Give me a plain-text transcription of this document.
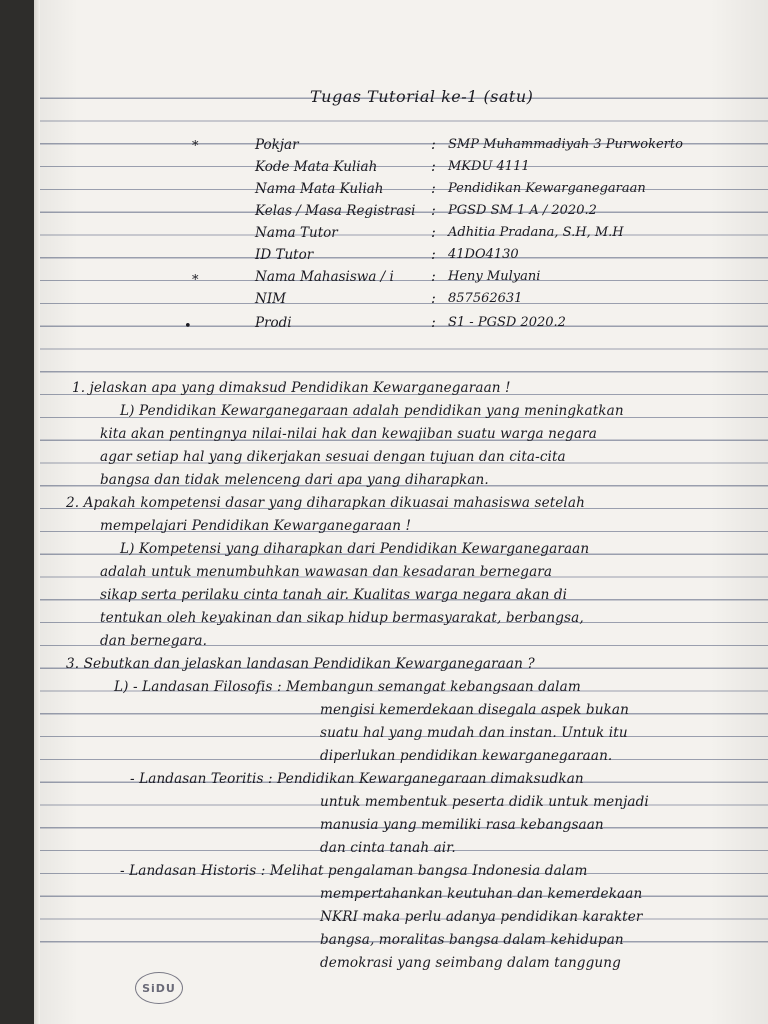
Tugas Tutorial ke-1 (satu)
*	Pokjar	: SMP Muhammadiyah 3 Purwokerto
Kode Mata Kuliah	: MKDU 4111
Nama Mata Kuliah	: Pendidikan Kewarganegaraan
Kelas / Masa Registrasi : PGSD SM 1 A / 2020.2
Nama Tutor	: Adhitia Pradana, S.H, M.H
ID Tutor	: 41DO4130
*	Nama Mahasiswa / i	: Heny Mulyani
NIM	: 857562631
•	Prodi	: S1 - PGSD 2020.2
1. jelaskan apa yang dimaksud Pendidikan Kewarganegaraan !
L) Pendidikan Kewarganegaraan adalah pendidikan yang meningkatkan
kita akan pentingnya nilai-nilai hak dan kewajiban suatu warga negara
agar setiap hal yang dikerjakan sesuai dengan tujuan dan cita-cita
bangsa dan tidak melenceng dari apa yang diharapkan.
2. Apakah kompetensi dasar yang diharapkan dikuasai mahasiswa setelah
mempelajari Pendidikan Kewarganegaraan !
L) Kompetensi yang diharapkan dari Pendidikan Kewarganegaraan
adalah untuk menumbuhkan wawasan dan kesadaran bernegara
sikap serta perilaku cinta tanah air. Kualitas warga negara akan di
tentukan oleh keyakinan dan sikap hidup bermasyarakat, berbangsa,
dan bernegara.
3. Sebutkan dan jelaskan landasan Pendidikan Kewarganegaraan ?
L) - Landasan Filosofis : Membangun semangat kebangsaan dalam
mengisi kemerdekaan disegala aspek bukan
suatu hal yang mudah dan instan. Untuk itu
diperlukan pendidikan kewarganegaraan.
- Landasan Teoritis : Pendidikan Kewarganegaraan dimaksudkan
untuk membentuk peserta didik untuk menjadi
manusia yang memiliki rasa kebangsaan
dan cinta tanah air.
- Landasan Historis : Melihat pengalaman bangsa Indonesia dalam
mempertahankan keutuhan dan kemerdekaan
NKRI maka perlu adanya pendidikan karakter
bangsa, moralitas bangsa dalam kehidupan
demokrasi yang seimbang dalam tanggung
SiDU
